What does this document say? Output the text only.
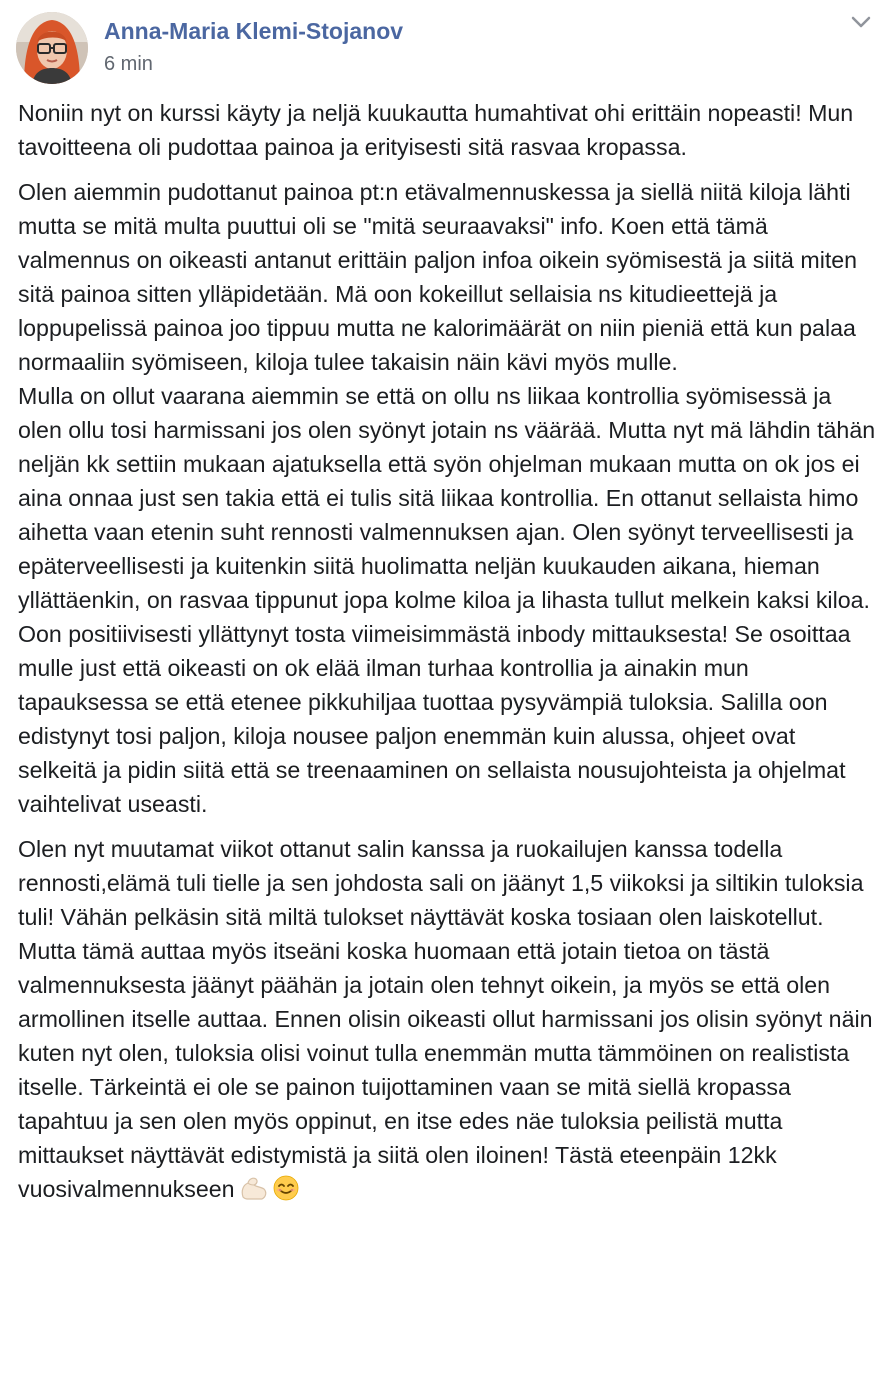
Anna-Maria Klemi-Stojanov
6 min

Noniin nyt on kurssi käyty ja neljä kuukautta humahtivat ohi erittäin nopeasti! Mun tavoitteena oli pudottaa painoa ja erityisesti sitä rasvaa kropassa.

Olen aiemmin pudottanut painoa pt:n etävalmennuskessa ja siellä niitä kiloja lähti mutta se mitä multa puuttui oli se "mitä seuraavaksi" info. Koen että tämä valmennus on oikeasti antanut erittäin paljon infoa oikein syömisestä ja siitä miten sitä painoa sitten ylläpidetään. Mä oon kokeillut sellaisia ns kitudieettejä ja loppupelissä painoa joo tippuu mutta ne kalorimäärät on niin pieniä että kun palaa normaaliin syömiseen, kiloja tulee takaisin näin kävi myös mulle.
Mulla on ollut vaarana aiemmin se että on ollu ns liikaa kontrollia syömisessä ja olen ollu tosi harmissani jos olen syönyt jotain ns väärää. Mutta nyt mä lähdin tähän neljän kk settiin mukaan ajatuksella että syön ohjelman mukaan mutta on ok jos ei aina onnaa just sen takia että ei tulis sitä liikaa kontrollia. En ottanut sellaista himo aihetta vaan etenin suht rennosti valmennuksen ajan. Olen syönyt terveellisesti ja epäterveellisesti ja kuitenkin siitä huolimatta neljän kuukauden aikana, hieman yllättäenkin, on rasvaa tippunut jopa kolme kiloa ja lihasta tullut melkein kaksi kiloa. Oon positiivisesti yllättynyt tosta viimeisimmästä inbody mittauksesta! Se osoittaa mulle just että oikeasti on ok elää ilman turhaa kontrollia ja ainakin mun tapauksessa se että etenee pikkuhiljaa tuottaa pysyvämpiä tuloksia. Salilla oon edistynyt tosi paljon, kiloja nousee paljon enemmän kuin alussa, ohjeet ovat selkeitä ja pidin siitä että se treenaaminen on sellaista nousujohteista ja ohjelmat vaihtelivat useasti.

Olen nyt muutamat viikot ottanut salin kanssa ja ruokailujen kanssa todella rennosti,elämä tuli tielle ja sen johdosta sali on jäänyt 1,5 viikoksi ja siltikin tuloksia tuli! Vähän pelkäsin sitä miltä tulokset näyttävät koska tosiaan olen laiskotellut. Mutta tämä auttaa myös itseäni koska huomaan että jotain tietoa on tästä valmennuksesta jäänyt päähän ja jotain olen tehnyt oikein, ja myös se että olen armollinen itselle auttaa. Ennen olisin oikeasti ollut harmissani jos olisin syönyt näin kuten nyt olen, tuloksia olisi voinut tulla enemmän mutta tämmöinen on realistista itselle. Tärkeintä ei ole se painon tuijottaminen vaan se mitä siellä kropassa tapahtuu ja sen olen myös oppinut, en itse edes näe tuloksia peilistä mutta mittaukset näyttävät edistymistä ja siitä olen iloinen! Tästä eteenpäin 12kk vuosivalmennukseen
